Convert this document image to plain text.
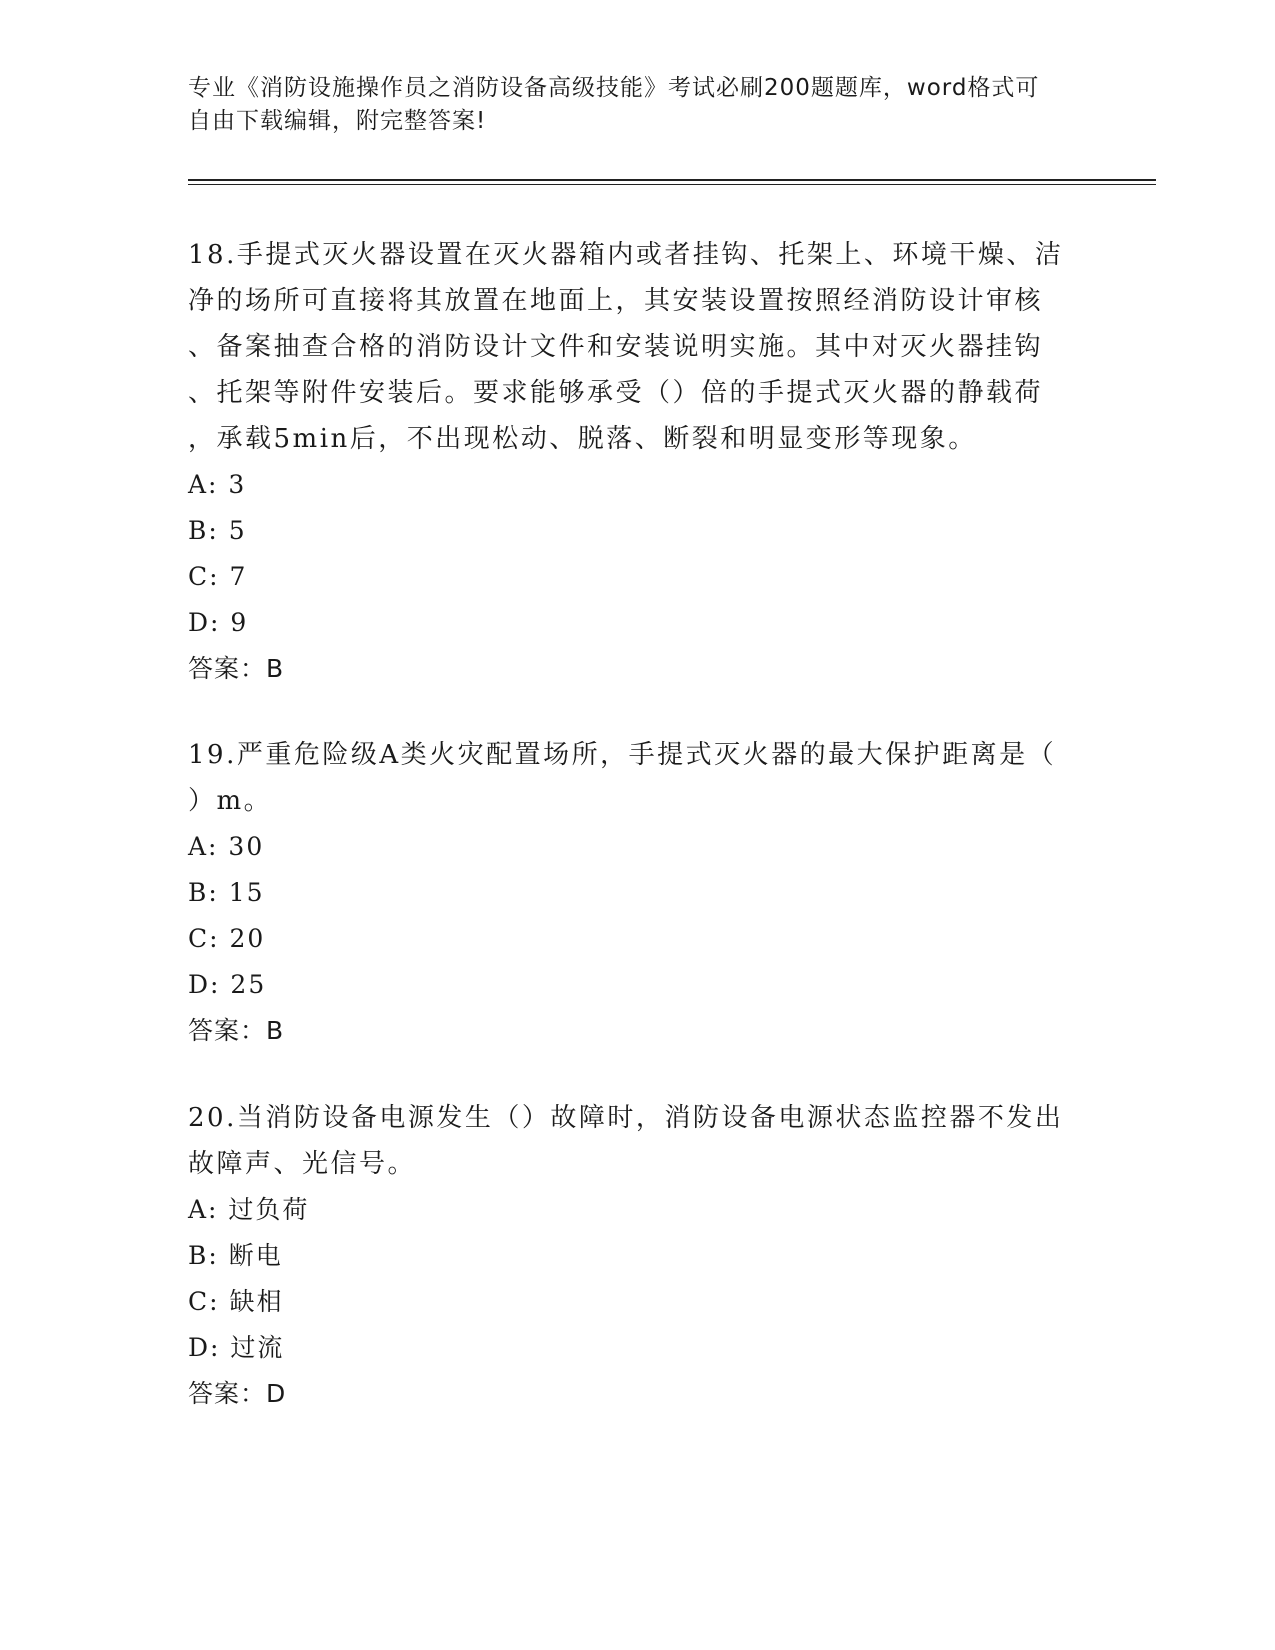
专业《消防设施操作员之消防设备高级技能》考试必刷200题题库，word格式可
自由下载编辑，附完整答案!
18.手提式灭火器设置在灭火器箱内或者挂钩、托架上、环境干燥、洁
净的场所可直接将其放置在地面上，其安装设置按照经消防设计审核
、备案抽查合格的消防设计文件和安装说明实施。其中对灭火器挂钩
、托架等附件安装后。要求能够承受（）倍的手提式灭火器的静载荷
，承载5min后，不出现松动、脱落、断裂和明显变形等现象。
A: 3
B: 5
C: 7
D: 9
答案：B
19.严重危险级A类火灾配置场所，手提式灭火器的最大保护距离是（
）m。
A: 30
B: 15
C: 20
D: 25
答案：B
20.当消防设备电源发生（）故障时，消防设备电源状态监控器不发出
故障声、光信号。
A: 过负荷
B: 断电
C: 缺相
D: 过流
答案：D
